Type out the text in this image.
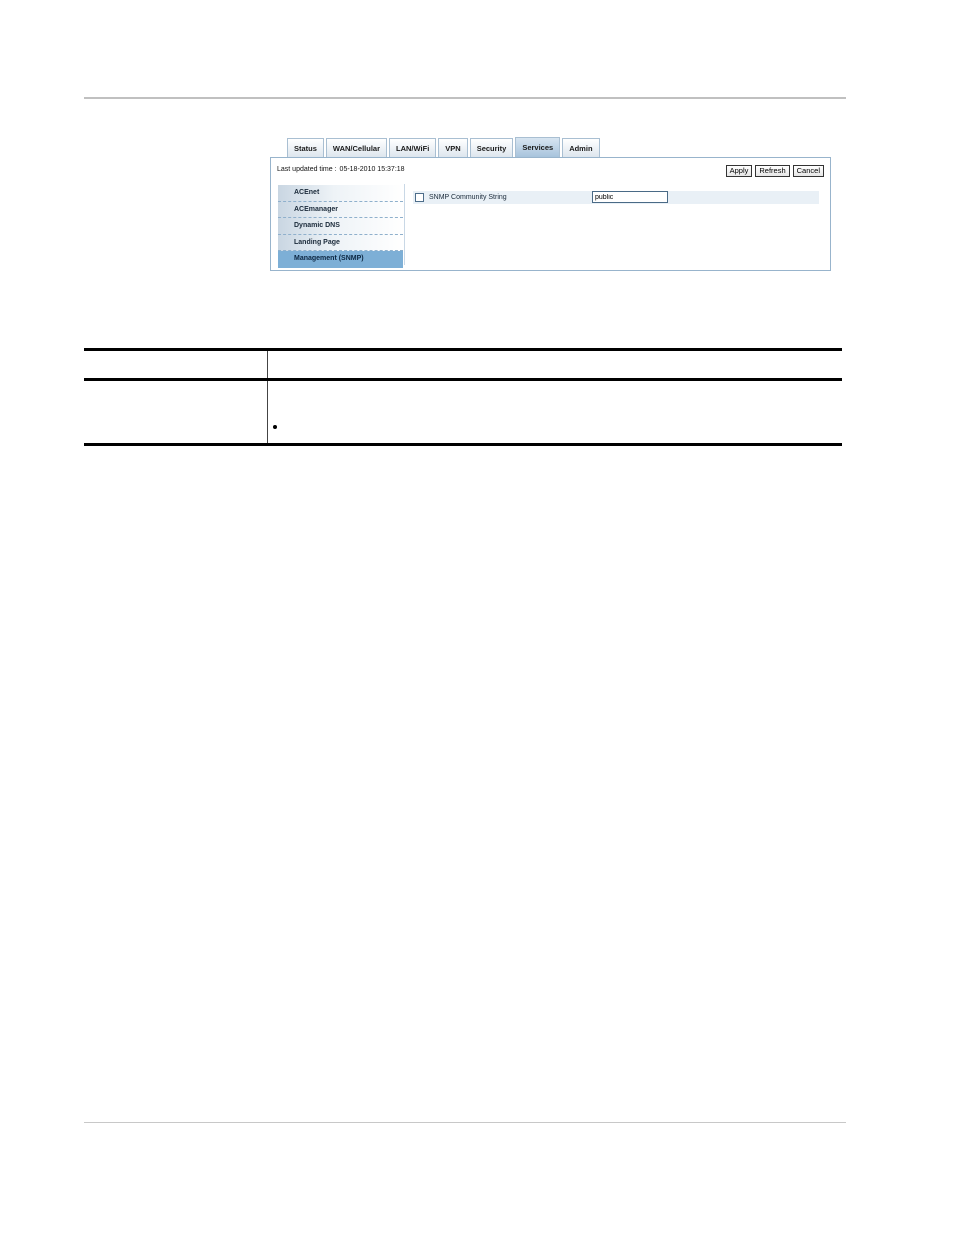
Status	WAN/Cellular	LAN/WiFi	VPN	Security	Services	Admin
Last updated time : 05-18-2010 15:37:18	Apply	Refresh	Cancel
ACEnet
ACEmanager
Dynamic DNS
Landing Page
Management (SNMP)
SNMP Community String
public
